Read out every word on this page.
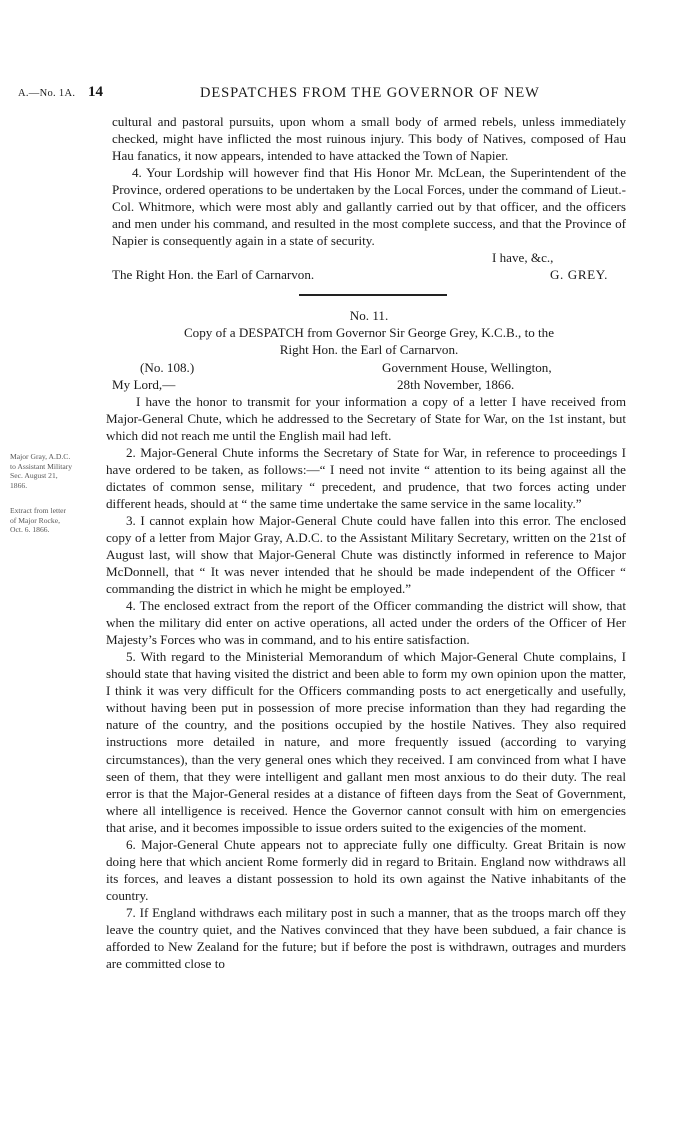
A.—No. 1A. 14	DESPATCHES FROM THE GOVERNOR OF NEW
Major Gray, A.D.C. to Assistant Military Sec. August 21, 1866.
Extract from letter of Major Rocke, Oct. 6. 1866.

cultural and pastoral pursuits, upon whom a small body of armed rebels, unless immediately checked, might have inflicted the most ruinous injury. This body of Natives, composed of Hau Hau fanatics, it now appears, intended to have attacked the Town of Napier.

4. Your Lordship will however find that His Honor Mr. McLean, the Superintendent of the Province, ordered operations to be undertaken by the Local Forces, under the command of Lieut.-Col. Whitmore, which were most ably and gallantly carried out by that officer, and the officers and men under his command, and resulted in the most complete success, and that the Province of Napier is consequently again in a state of security.

I have, &c.,
The Right Hon. the Earl of Carnarvon.	G. GREY.

No. 11.

Copy of a DESPATCH from Governor Sir George Grey, K.C.B., to the

Right Hon. the Earl of Carnarvon.

(No. 108.)	Government House, Wellington,
My Lord,—	28th November, 1866.

I have the honor to transmit for your information a copy of a letter I have received from Major-General Chute, which he addressed to the Secretary of State for War, on the 1st instant, but which did not reach me until the English mail had left.

2. Major-General Chute informs the Secretary of State for War, in reference to proceedings I have ordered to be taken, as follows:—“ I need not invite “ attention to its being against all the dictates of common sense, military “ precedent, and prudence, that two forces acting under different heads, should at “ the same time undertake the same service in the same locality.”

3. I cannot explain how Major-General Chute could have fallen into this error. The enclosed copy of a letter from Major Gray, A.D.C. to the Assistant Military Secretary, written on the 21st of August last, will show that Major-General Chute was distinctly informed in reference to Major McDonnell, that “ It was never intended that he should be made independent of the Officer “ commanding the district in which he might be employed.”

4. The enclosed extract from the report of the Officer commanding the district will show, that when the military did enter on active operations, all acted under the orders of the Officer of Her Majesty’s Forces who was in command, and to his entire satisfaction.

5. With regard to the Ministerial Memorandum of which Major-General Chute complains, I should state that having visited the district and been able to form my own opinion upon the matter, I think it was very difficult for the Officers commanding posts to act energetically and usefully, without having been put in possession of more precise information than they had regarding the nature of the country, and the positions occupied by the hostile Natives. They also required instructions more detailed in nature, and more frequently issued (according to varying circumstances), than the very general ones which they received. I am convinced from what I have seen of them, that they were intelligent and gallant men most anxious to do their duty. The real error is that the Major-General resides at a distance of fifteen days from the Seat of Government, where all intelligence is received. Hence the Governor cannot consult with him on emergencies that arise, and it becomes impossible to issue orders suited to the exigencies of the moment.

6. Major-General Chute appears not to appreciate fully one difficulty. Great Britain is now doing here that which ancient Rome formerly did in regard to Britain. England now withdraws all its forces, and leaves a distant possession to hold its own against the Native inhabitants of the country.

7. If England withdraws each military post in such a manner, that as the troops march off they leave the country quiet, and the Natives convinced that they have been subdued, a fair chance is afforded to New Zealand for the future; but if before the post is withdrawn, outrages and murders are committed close to
